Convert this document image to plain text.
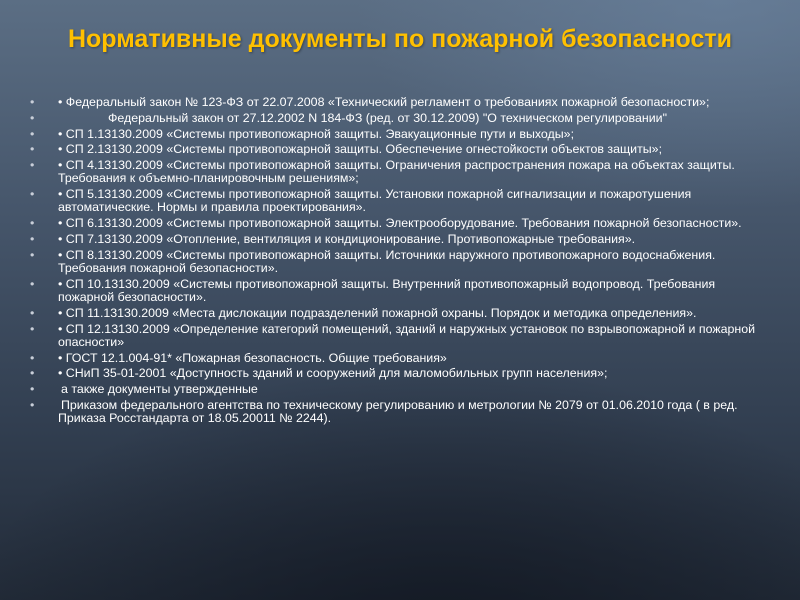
Нормативные документы по пожарной безопасности
• • Федеральный закон № 123-ФЗ от 22.07.2008 «Технический регламент о требованиях пожарной безопасности»;
•	Федеральный закон от 27.12.2002 N 184-ФЗ (ред. от 30.12.2009) "О техническом регулировании"
• • СП 1.13130.2009 «Системы противопожарной защиты. Эвакуационные пути и выходы»;
• • СП 2.13130.2009 «Системы противопожарной защиты. Обеспечение огнестойкости объектов защиты»;
• • СП 4.13130.2009 «Системы противопожарной защиты. Ограничения распространения пожара на объектах защиты. Требования к объемно-планировочным решениям»;
• • СП 5.13130.2009 «Системы противопожарной защиты. Установки пожарной сигнализации и пожаротушения автоматические. Нормы и правила проектирования».
• • СП 6.13130.2009 «Системы противопожарной защиты. Электрооборудование. Требования пожарной безопасности».
• • СП 7.13130.2009 «Отопление, вентиляция и кондиционирование. Противопожарные требования».
• • СП 8.13130.2009 «Системы противопожарной защиты. Источники наружного противопожарного водоснабжения. Требования пожарной безопасности».
• • СП 10.13130.2009 «Системы противопожарной защиты. Внутренний противопожарный водопровод. Требования пожарной безопасности».
• • СП 11.13130.2009 «Места дислокации подразделений пожарной охраны. Порядок и методика определения».
• • СП 12.13130.2009 «Определение категорий помещений, зданий и наружных установок по взрывопожарной и пожарной опасности»
• • ГОСТ 12.1.004-91* «Пожарная безопасность. Общие требования»
• • СНиП 35-01-2001 «Доступность зданий и сооружений для маломобильных групп населения»;
• а также документы утвержденные
• Приказом федерального агентства по техническому регулированию и метрологии № 2079 от 01.06.2010 года ( в ред. Приказа Росстандарта от 18.05.20011 № 2244).
